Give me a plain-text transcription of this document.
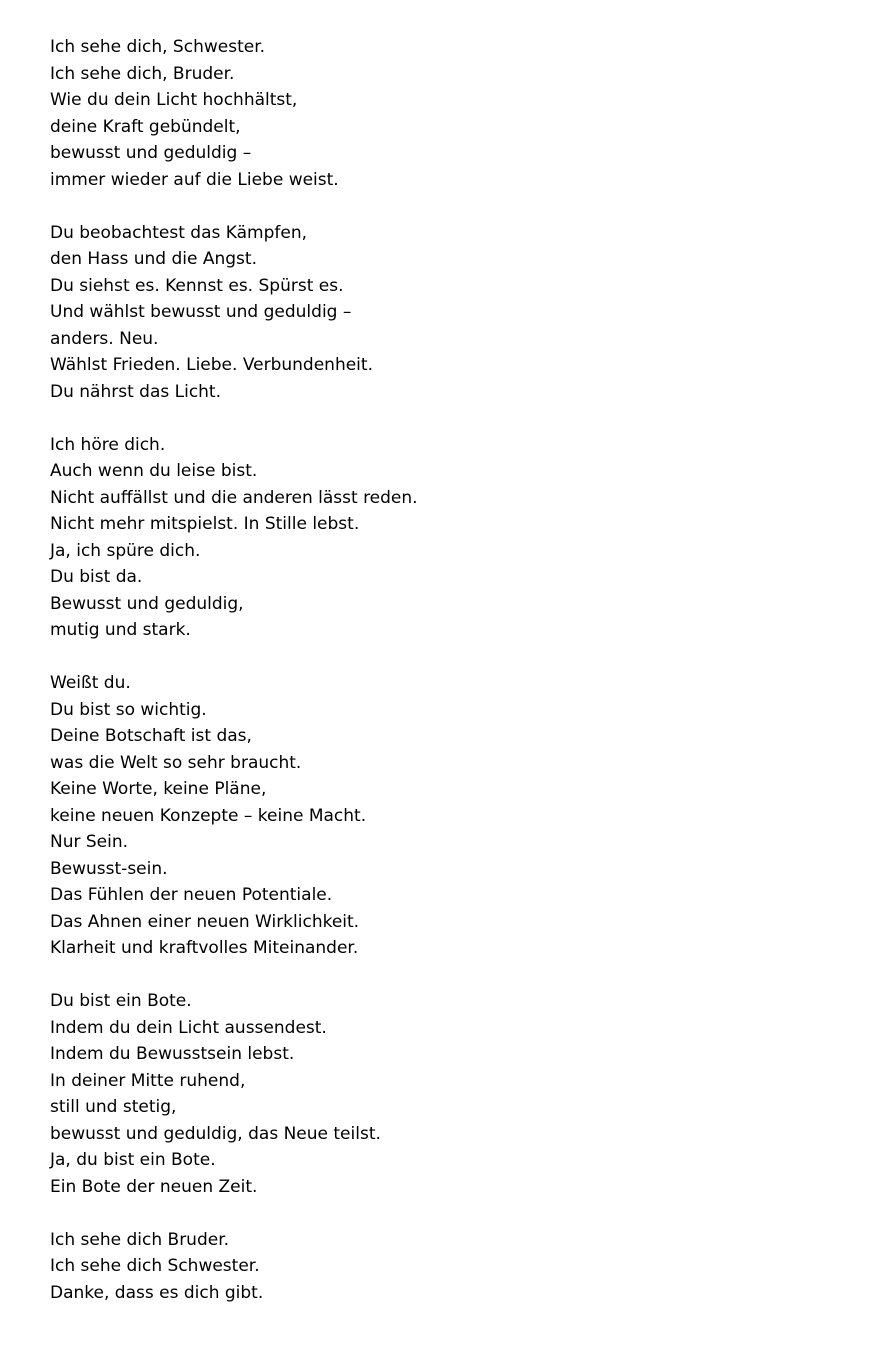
Ich sehe dich, Schwester.
Ich sehe dich, Bruder.
Wie du dein Licht hochhältst,
deine Kraft gebündelt,
bewusst und geduldig –
immer wieder auf die Liebe weist.
Du beobachtest das Kämpfen,
den Hass und die Angst.
Du siehst es. Kennst es. Spürst es.
Und wählst bewusst und geduldig –
anders. Neu.
Wählst Frieden. Liebe. Verbundenheit.
Du nährst das Licht.
Ich höre dich.
Auch wenn du leise bist.
Nicht auffällst und die anderen lässt reden.
Nicht mehr mitspielst. In Stille lebst.
Ja, ich spüre dich.
Du bist da.
Bewusst und geduldig,
mutig und stark.
Weißt du.
Du bist so wichtig.
Deine Botschaft ist das,
was die Welt so sehr braucht.
Keine Worte, keine Pläne,
keine neuen Konzepte – keine Macht.
Nur Sein.
Bewusst-sein.
Das Fühlen der neuen Potentiale.
Das Ahnen einer neuen Wirklichkeit.
Klarheit und kraftvolles Miteinander.
Du bist ein Bote.
Indem du dein Licht aussendest.
Indem du Bewusstsein lebst.
In deiner Mitte ruhend,
still und stetig,
bewusst und geduldig, das Neue teilst.
Ja, du bist ein Bote.
Ein Bote der neuen Zeit.
Ich sehe dich Bruder.
Ich sehe dich Schwester.
Danke, dass es dich gibt.
